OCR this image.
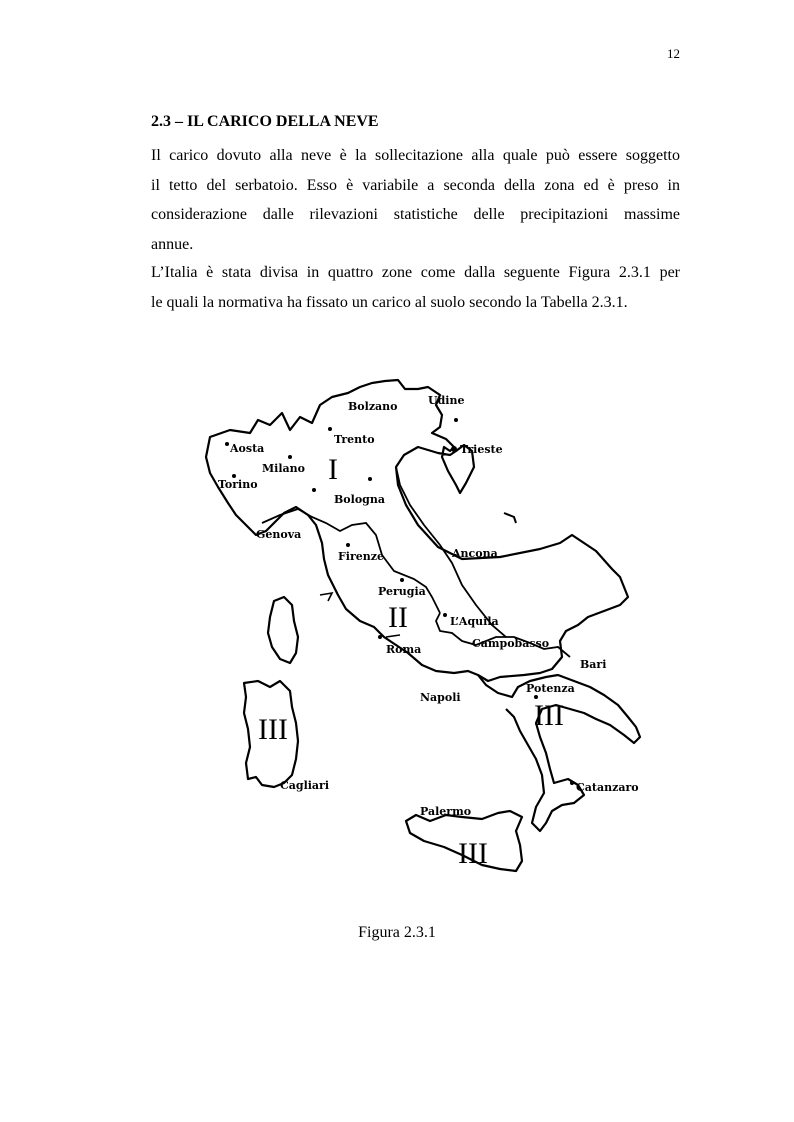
12
2.3 – IL CARICO DELLA NEVE

Il carico dovuto alla neve è la sollecitazione alla quale può essere soggetto
il tetto del serbatoio. Esso è variabile a seconda della zona ed è preso in
considerazione dalle rilevazioni statistiche delle precipitazioni massime
annue.

L’Italia è stata divisa in quattro zone come dalla seguente Figura 2.3.1 per
le quali la normativa ha fissato un carico al suolo secondo la Tabella 2.3.1.

Bolzano	Udine
Trento
Trieste
Aosta
Milano
Torino
Bologna
Genova
Firenze	Ancona
Perugia
L’Aquila
Campobasso
Roma
Bari
Napoli
Potenza
Cagliari	Catanzaro
Palermo
I
II
III	III
III
Figura 2.3.1
